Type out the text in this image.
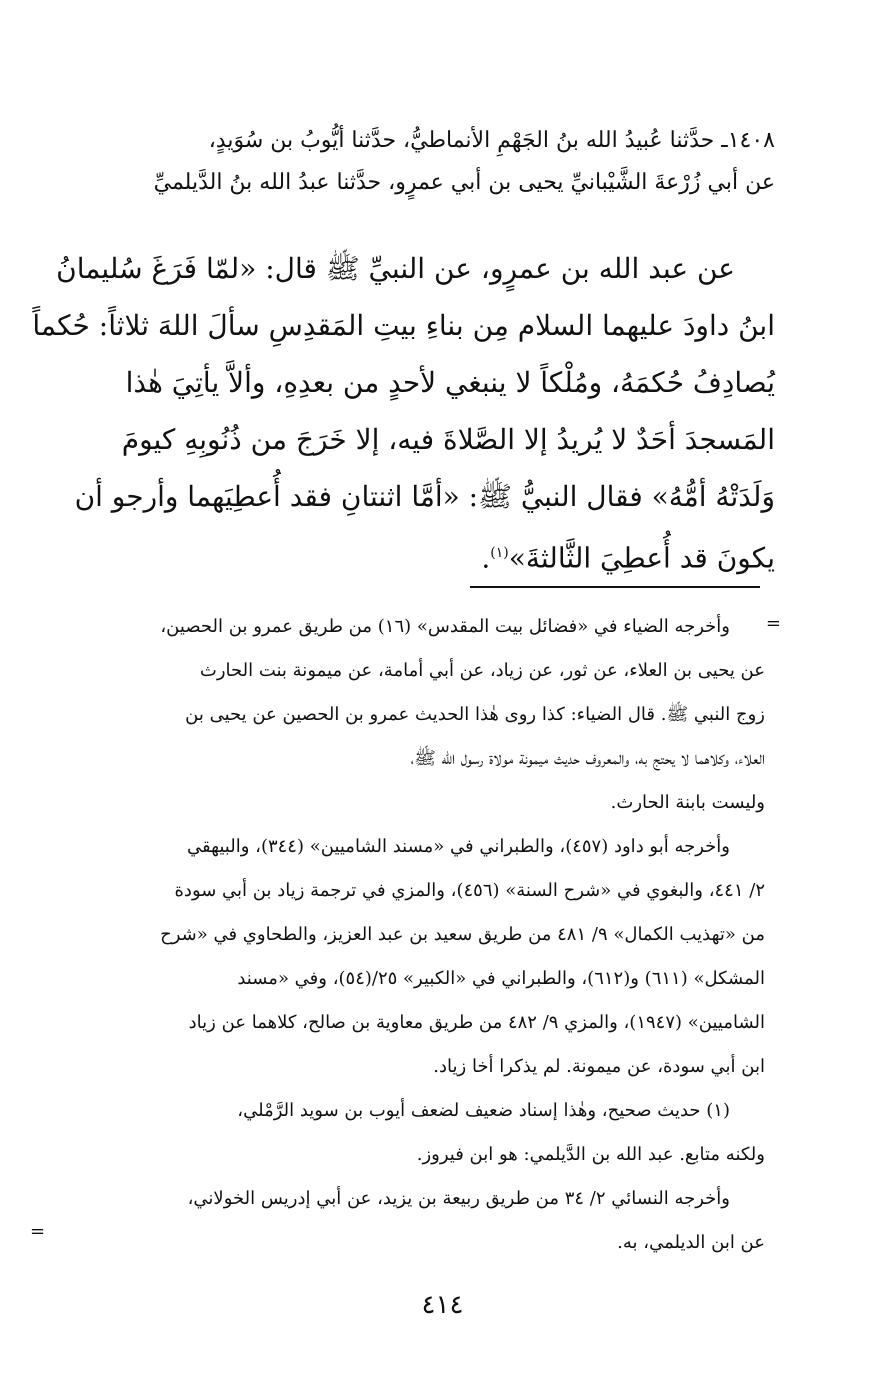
١٤٠٨ـ حدَّثنا عُبيدُ الله بنُ الجَهْمِ الأنماطيُّ، حدَّثنا أيُّوبُ بن سُوَيدٍ،
عن أبي زُرْعةَ الشَّيْبانيِّ يحيى بن أبي عمرٍو، حدَّثنا عبدُ الله بنُ الدَّيلميِّ
عن عبد الله بن عمرٍو، عن النبيِّ ﷺ قال: «لمّا فَرَغَ سُليمانُ
ابنُ داودَ عليهما السلام مِن بناءِ بيتِ المَقدِسِ سألَ اللهَ ثلاثاً: حُكماً
يُصادِفُ حُكمَهُ، ومُلْكاً لا ينبغي لأحدٍ من بعدِهِ، وألاَّ يأتِيَ هٰذا
المَسجدَ أحَدٌ لا يُريدُ إلا الصَّلاةَ فيه، إلا خَرَجَ من ذُنُوبِهِ كيومَ
وَلَدَتْهُ أمُّهُ» فقال النبيُّ ﷺ: «أمَّا اثنتانِ فقد أُعطِيَهما وأرجو أن
يكونَ قد أُعطِيَ الثَّالثةَ»$^{(١)}$.
=
وأخرجه الضياء في «فضائل بيت المقدس» (١٦) من طريق عمرو بن الحصين،
عن يحيى بن العلاء، عن ثور، عن زياد، عن أبي أمامة، عن ميمونة بنت الحارث
زوج النبي ﷺ. قال الضياء: كذا روى هٰذا الحديث عمرو بن الحصين عن يحيى بن
العلاء، وكلاهما لا يحتج به، والمعروف حديث ميمونة مولاة رسول الله ﷺ،
وليست بابنة الحارث.
وأخرجه أبو داود (٤٥٧)، والطبراني في «مسند الشاميين» (٣٤٤)، والبيهقي
٢/ ٤٤١، والبغوي في «شرح السنة» (٤٥٦)، والمزي في ترجمة زياد بن أبي سودة
من «تهذيب الكمال» ٩/ ٤٨١ من طريق سعيد بن عبد العزيز، والطحاوي في «شرح
المشكل» (٦١١) و(٦١٢)، والطبراني في «الكبير» ٢٥/(٥٤)، وفي «مسند
الشاميين» (١٩٤٧)، والمزي ٩/ ٤٨٢ من طريق معاوية بن صالح، كلاهما عن زياد
ابن أبي سودة، عن ميمونة. لم يذكرا أخا زياد.
(١) حديث صحيح، وهٰذا إسناد ضعيف لضعف أيوب بن سويد الرَّمْلي،
ولكنه متابع. عبد الله بن الدَّيلمي: هو ابن فيروز.
وأخرجه النسائي ٢/ ٣٤ من طريق ربيعة بن يزيد، عن أبي إدريس الخولاني،
عن ابن الديلمي، به.
=
٤١٤
